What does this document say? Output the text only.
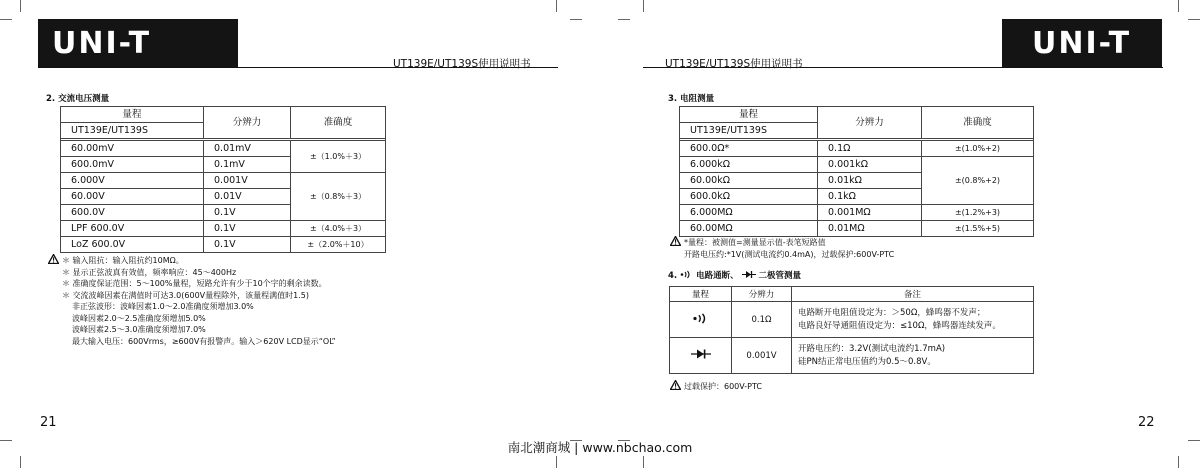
UNI-T
UT139E/UT139S使用说明书
2. 交流电压测量
量程	分辨力	准确度
UT139E/UT139S		

60.00mV	0.01mV	±（1.0%＋3）
600.0mV	0.1mV	
6.000V	0.001V	±（0.8%＋3）
60.00V	0.01V	
600.0V	0.1V	
LPF 600.0V	0.1V	±（4.0%＋3）
LoZ 600.0V	0.1V	±（2.0%＋10）
＊ 输入阻抗：输入阻抗约10MΩ。
＊ 显示正弦波真有效值，频率响应：45～400Hz
＊ 准确度保证范围：5～100%量程，短路允许有少于10个字的剩余读数。
＊ 交流波峰因素在满值时可达3.0(600V量程除外，该量程满值时1.5)
非正弦波形：波峰因素1.0～2.0准确度须增加3.0%
波峰因素2.0～2.5准确度须增加5.0%
波峰因素2.5～3.0准确度须增加7.0%
最大输入电压：600Vrms，≥600V有报警声。输入＞620V LCD显示“OL”
21
UNI-T
UT139E/UT139S使用说明书
3. 电阻测量
量程	分辨力	准确度
UT139E/UT139S		

600.0Ω*	0.1Ω	±(1.0%+2)
6.000kΩ	0.001kΩ	±(0.8%+2)
60.00kΩ	0.01kΩ	
600.0kΩ	0.1kΩ	
6.000MΩ	0.001MΩ	±(1.2%+3)
60.00MΩ	0.01MΩ	±(1.5%+5)
*量程：被测值=测量显示值-表笔短路值
开路电压约:*1V(测试电流约0.4mA)，过载保护:600V-PTC
4. 电路通断、 二极管测量
量程	分辨力	备注
	0.1Ω	电路断开电阻值设定为：＞50Ω，蜂鸣器不发声；
电路良好导通阻值设定为：≤10Ω，蜂鸣器连续发声。

	0.001V	开路电压约：3.2V(测试电流约1.7mA)
硅PN结正常电压值约为0.5～0.8V。
过载保护：600V-PTC
22
南北潮商城 | www.nbchao.com
